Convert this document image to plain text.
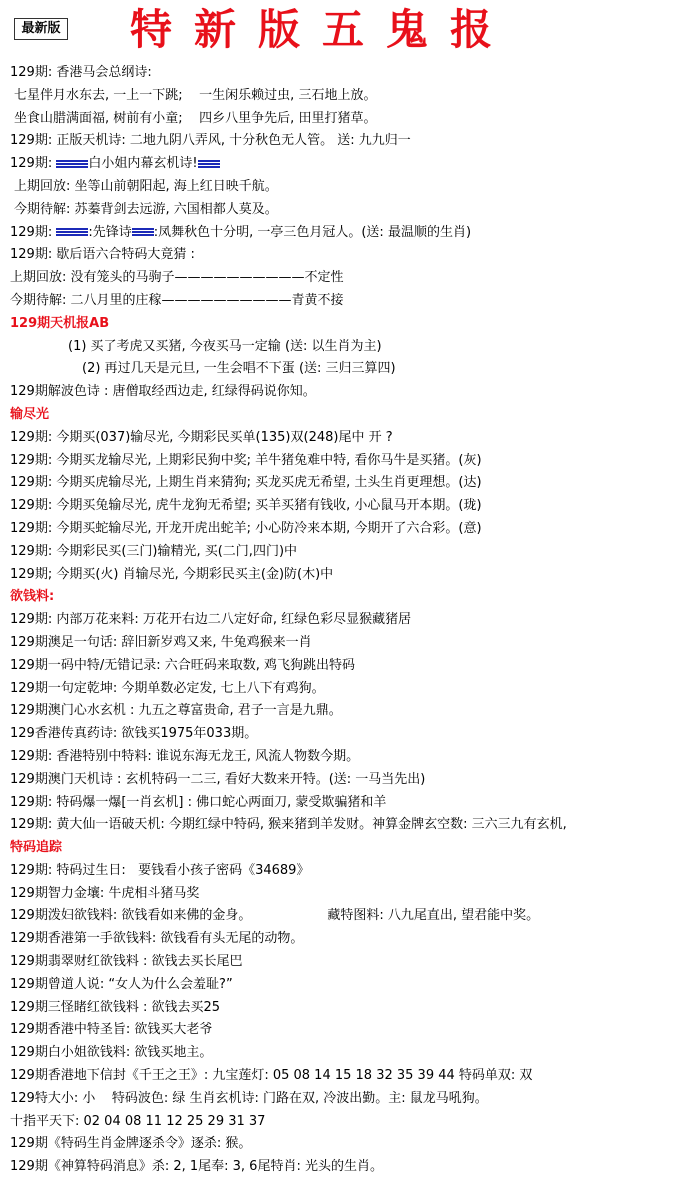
最新版 特新版五鬼报
129期: 香港马会总纲诗:
七星伴月水东去, 一上一下跳;    一生闲乐赖过虫, 三石地上放。
坐食山腊满面福, 树前有小童;    四乡八里争先后, 田里打猪草。
129期: 正版天机诗: 二地九阴八弄风, 十分秋色无人管。 送: 九九归一
129期:
白小姐内幕玄机诗!
上期回放: 坐等山前朝阳起, 海上红日映千航。
今期待解: 苏蓁背剑去远游, 六国相都人莫及。
129期:
:先锋诗 :凤舞秋色十分明, 一亭三色月冠人。(送: 最温顺的生肖)
129期: 歇后语六合特码大竟猜 :
上期回放: 没有笼头的马驹子——————————不定性
今期待解: 二八月里的庄稼——————————青黄不接
129期天机报AB
(1) 买了考虎又买猪, 今夜买马一定输 (送: 以生肖为主)
(2) 再过几天是元旦, 一生会唱不下蛋 (送: 三归三算四)
129期解波色诗 : 唐僧取经西边走, 红绿得码说你知。
输尽光
129期: 今期买(037)输尽光, 今期彩民买单(135)双(248)尾中 开 ?
129期: 今期买龙输尽光, 上期彩民狗中奖; 羊牛猪兔难中特, 看你马牛是买猪。(灰)
129期: 今期买虎输尽光, 上期生肖来猜狗; 买龙买虎无希望, 土头生肖更理想。(达)
129期: 今期买兔输尽光, 虎牛龙狗无希望; 买羊买猪有钱收, 小心鼠马开本期。(珑)
129期: 今期买蛇输尽光, 开龙开虎出蛇羊; 小心防冷来本期, 今期开了六合彩。(意)
129期: 今期彩民买(三门)输精光, 买(二门,四门)中
129期; 今期买(火) 肖输尽光, 今期彩民买主(金)防(木)中
欲钱料:
129期: 内部万花来料: 万花开右边二八定好命, 红绿色彩尽显猴藏猪居
129期澳足一句话: 辞旧新岁鸡又来, 牛兔鸡猴来一肖
129期一码中特/无错记录: 六合旺码来取数, 鸡飞狗跳出特码
129期一句定乾坤: 今期单数必定发, 七上八下有鸡狗。
129期澳门心水玄机 : 九五之尊富贵命, 君子一言是九鼎。
129香港传真药诗: 欲钱买1975年033期。
129期: 香港特别中特料: 谁说东海无龙王, 风流人物数今期。
129期澳门天机诗 : 玄机特码一二三, 看好大数来开特。(送: 一马当先出)
129期: 特码爆一爆[一肖玄机] : 佛口蛇心两面刀, 蒙受欺骗猪和羊
129期: 黄大仙一语破天机: 今期红绿中特码, 猴来猪到羊发财。神算金牌玄空数: 三六三九有玄机,
特码追踪
129期: 特码过生日:   要钱看小孩子密码《34689》
129期智力金壤: 牛虎相斗猪马奖
129期泼妇欲钱料: 欲钱看如来佛的金身。	藏特图料: 八九尾直出, 望君能中奖。
129期香港第一手欲钱料: 欲钱看有头无尾的动物。
129期翡翠财红欲钱料 : 欲钱去买长尾巴
129期曾道人说: “女人为什么会羞耻?”
129期三怪睹红欲钱料 : 欲钱去买25
129期香港中特圣旨: 欲钱买大老爷
129期白小姐欲钱料: 欲钱买地主。
129期香港地下信封《千王之王》: 九宝莲灯: 05 08 14 15 18 32 35 39 44 特码单双: 双
129特大小: 小    特码波色: 绿 生肖玄机诗: 门路在双, 冷波出勤。主: 鼠龙马吼狗。
十指平天下: 02 04 08 11 12 25 29 31 37
129期《特码生肖金牌逐杀令》逐杀: 猴。
129期《神算特码消息》杀: 2, 1尾奉: 3, 6尾特肖: 光头的生肖。
